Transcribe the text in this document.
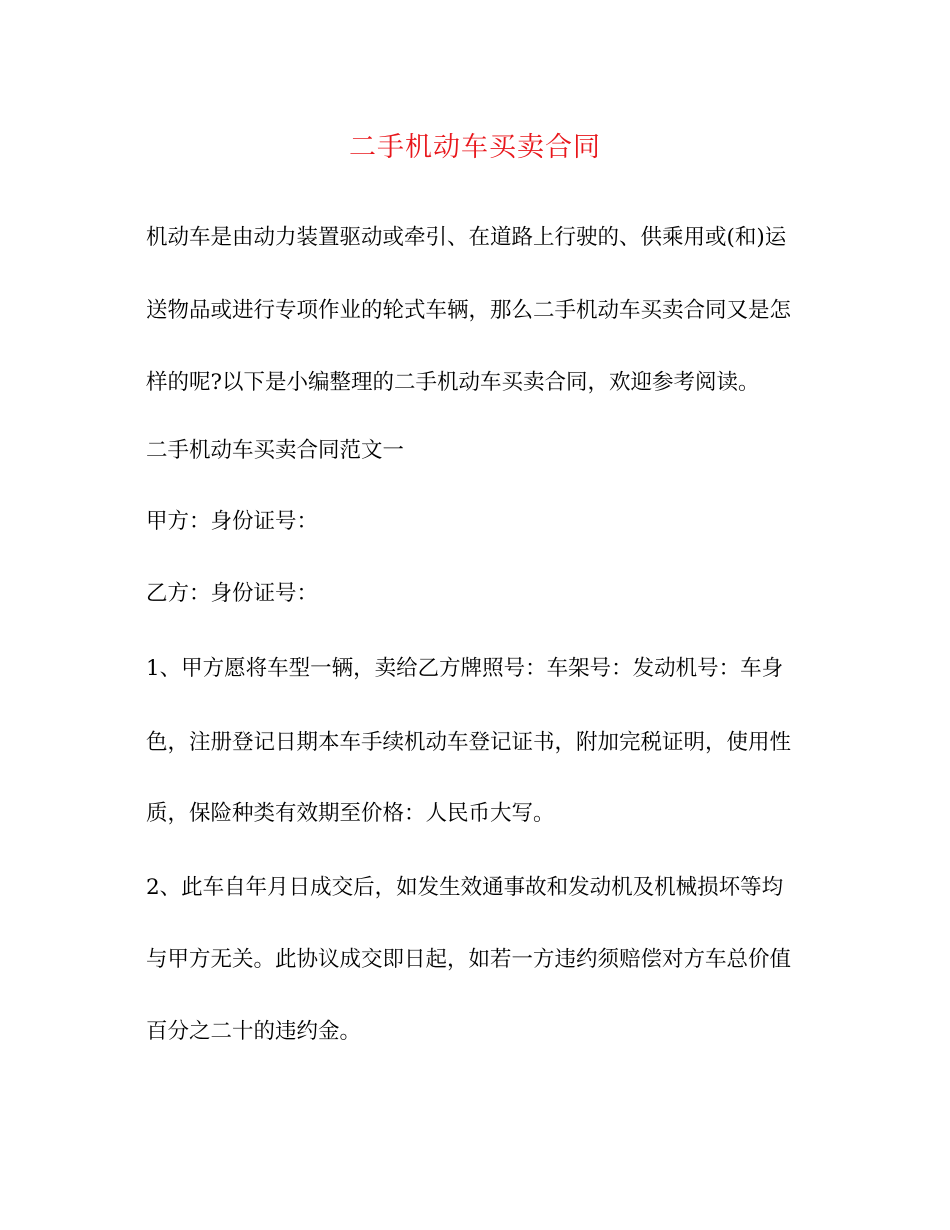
二手机动车买卖合同
机动车是由动力装置驱动或牵引、在道路上行驶的、供乘用或(和)运
送物品或进行专项作业的轮式车辆，那么二手机动车买卖合同又是怎
样的呢?以下是小编整理的二手机动车买卖合同，欢迎参考阅读。
二手机动车买卖合同范文一
甲方：身份证号：
乙方：身份证号：
1、甲方愿将车型一辆，卖给乙方牌照号：车架号：发动机号：车身
色，注册登记日期本车手续机动车登记证书，附加完税证明，使用性
质，保险种类有效期至价格：人民币大写。
2、此车自年月日成交后，如发生效通事故和发动机及机械损坏等均
与甲方无关。此协议成交即日起，如若一方违约须赔偿对方车总价值
百分之二十的违约金。
